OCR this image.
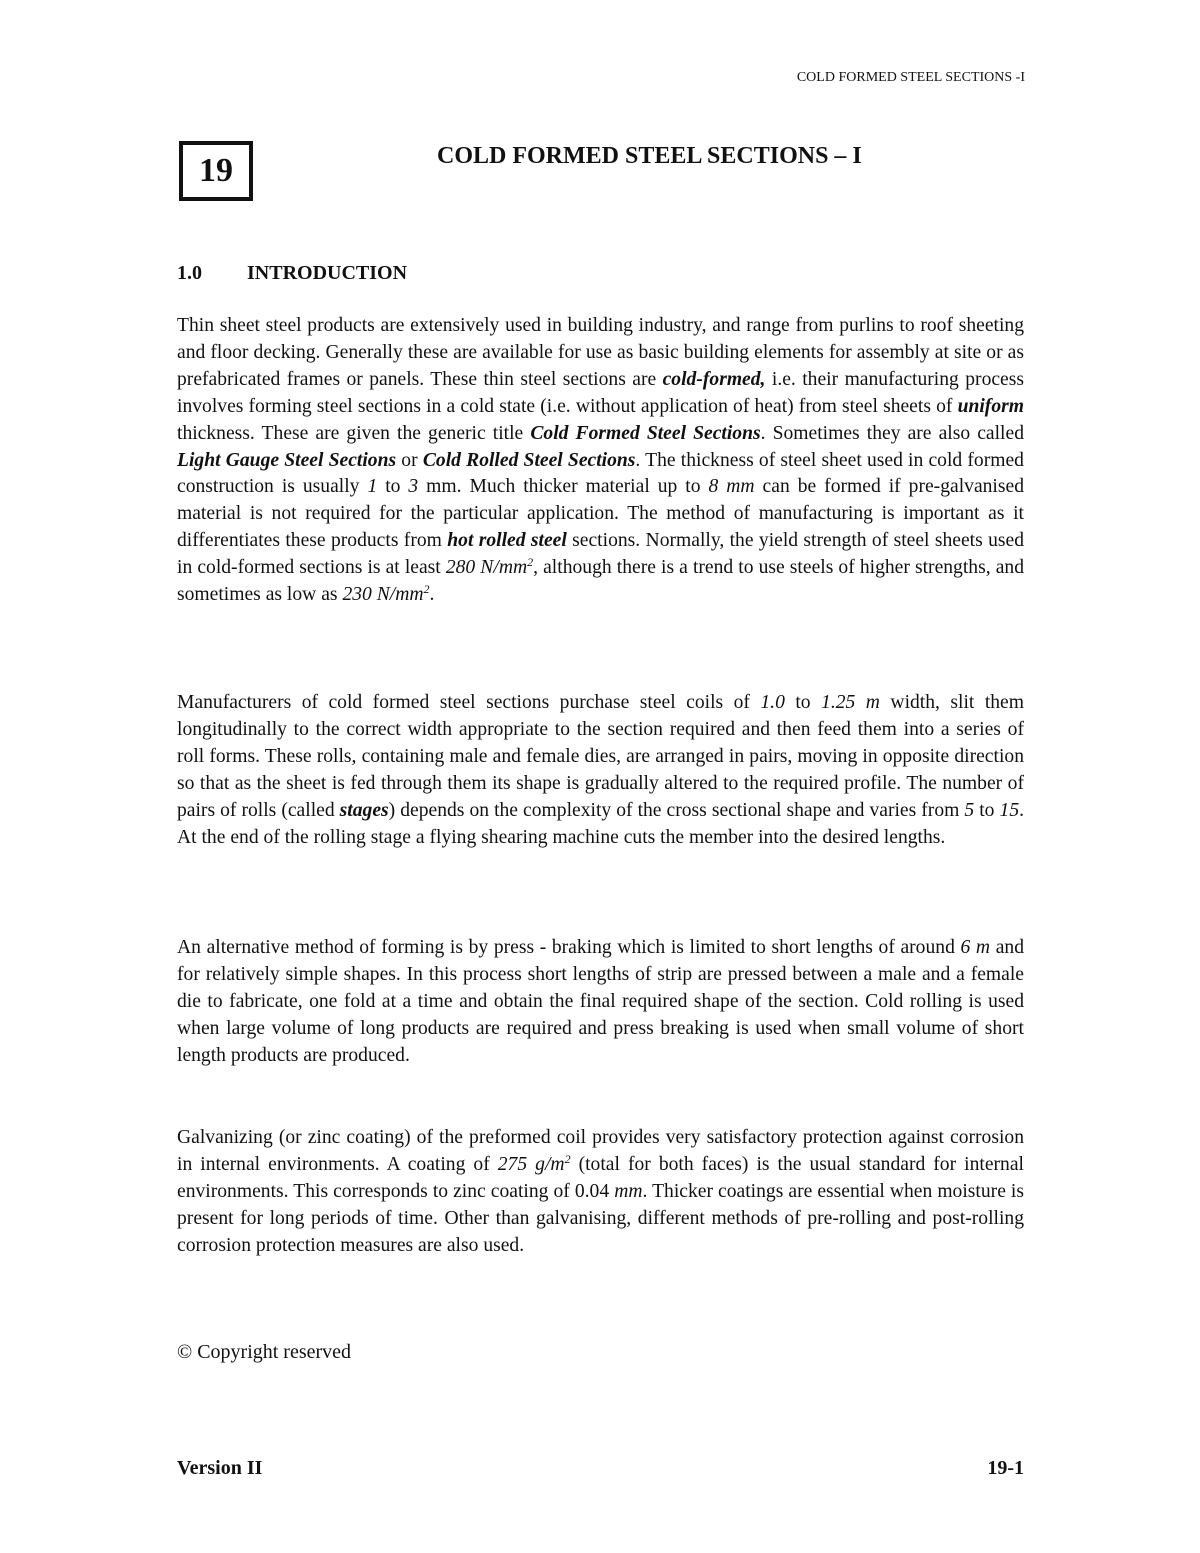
COLD FORMED STEEL SECTIONS -I
19	COLD FORMED STEEL SECTIONS – I
1.0 INTRODUCTION

Thin sheet steel products are extensively used in building industry, and range from purlins to roof sheeting and floor decking. Generally these are available for use as basic building elements for assembly at site or as prefabricated frames or panels. These thin steel sections are cold-formed, i.e. their manufacturing process involves forming steel sections in a cold state (i.e. without application of heat) from steel sheets of uniform thickness. These are given the generic title Cold Formed Steel Sections. Sometimes they are also called Light Gauge Steel Sections or Cold Rolled Steel Sections. The thickness of steel sheet used in cold formed construction is usually 1 to 3 mm. Much thicker material up to 8 mm can be formed if pre-galvanised material is not required for the particular application. The method of manufacturing is important as it differentiates these products from hot rolled steel sections. Normally, the yield strength of steel sheets used in cold-formed sections is at least 280 $N/mm^2$, although there is a trend to use steels of higher strengths, and sometimes as low as 230 $N/mm^2$.

Manufacturers of cold formed steel sections purchase steel coils of 1.0 to 1.25 m width, slit them longitudinally to the correct width appropriate to the section required and then feed them into a series of roll forms. These rolls, containing male and female dies, are arranged in pairs, moving in opposite direction so that as the sheet is fed through them its shape is gradually altered to the required profile. The number of pairs of rolls (called stages) depends on the complexity of the cross sectional shape and varies from 5 to 15. At the end of the rolling stage a flying shearing machine cuts the member into the desired lengths.

An alternative method of forming is by press - braking which is limited to short lengths of around 6 m and for relatively simple shapes. In this process short lengths of strip are pressed between a male and a female die to fabricate, one fold at a time and obtain the final required shape of the section. Cold rolling is used when large volume of long products are required and press breaking is used when small volume of short length products are produced.

Galvanizing (or zinc coating) of the preformed coil provides very satisfactory protection against corrosion in internal environments. A coating of 275 $g/m^2$ (total for both faces) is the usual standard for internal environments. This corresponds to zinc coating of 0.04 mm. Thicker coatings are essential when moisture is present for long periods of time. Other than galvanising, different methods of pre-rolling and post-rolling corrosion protection measures are also used.

© Copyright reserved
Version II	19-1
